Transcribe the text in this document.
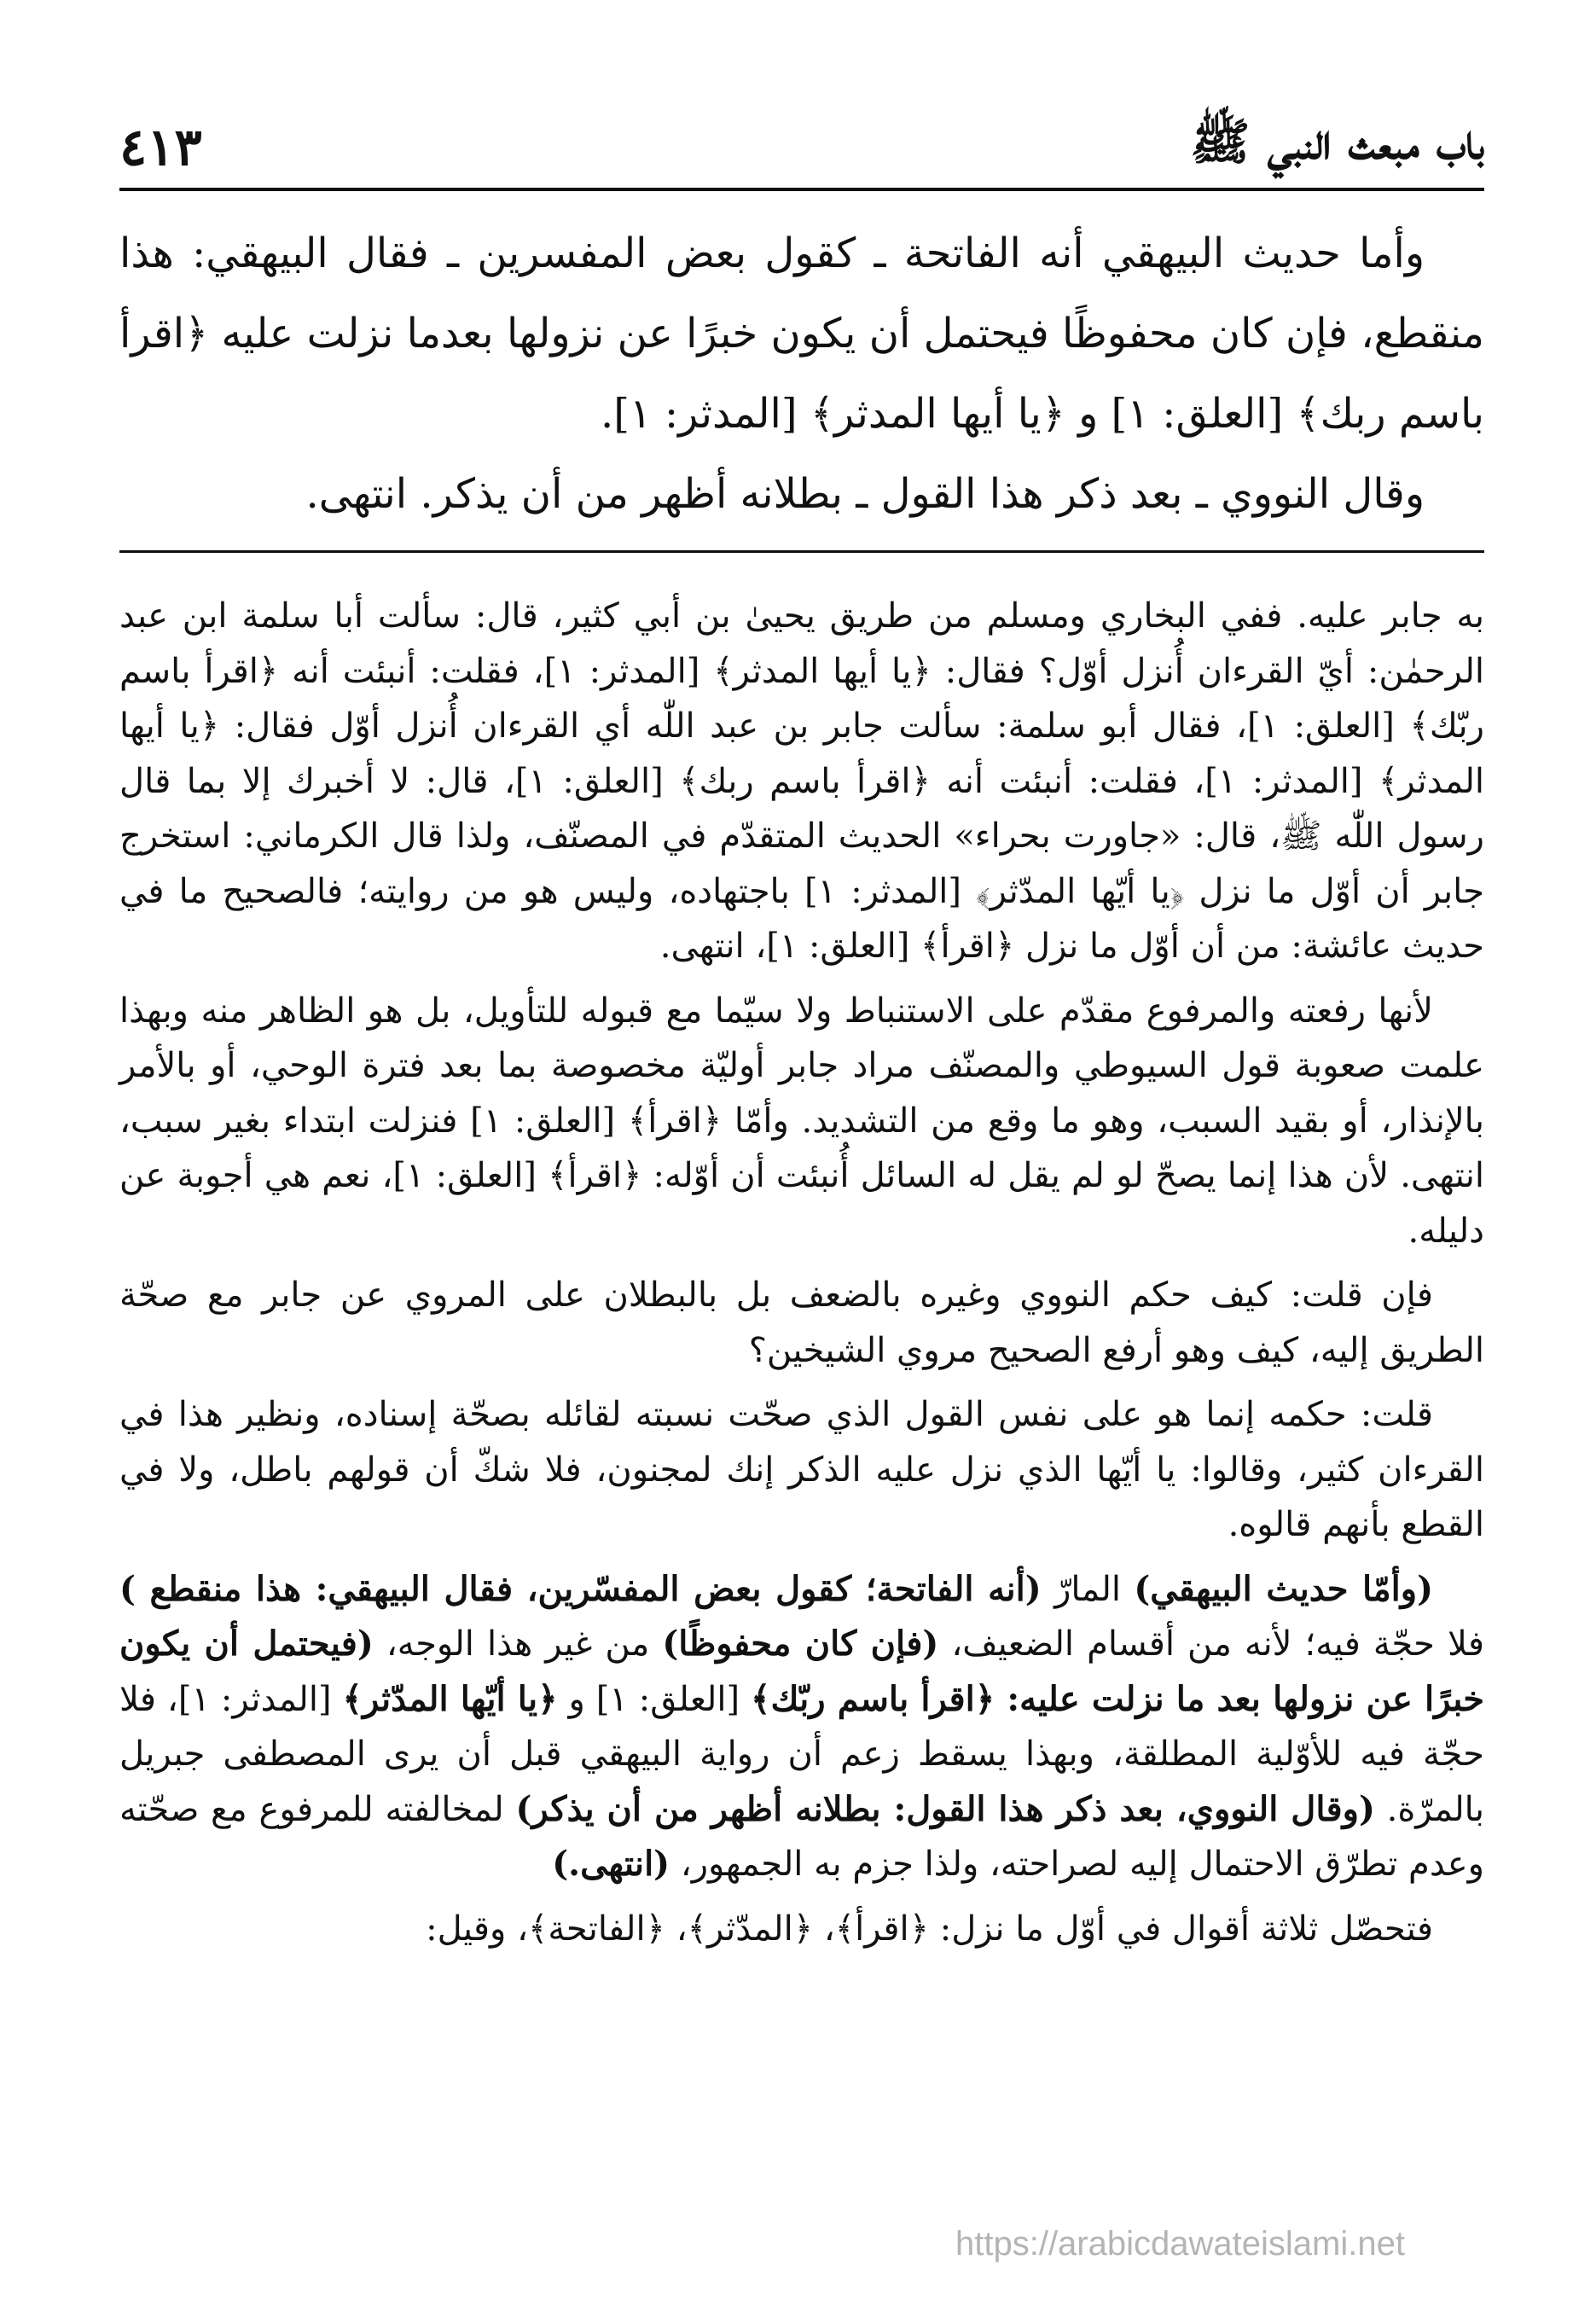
باب مبعث النبي ﷺ
٤١٣

وأما حديث البيهقي أنه الفاتحة ـ كقول بعض المفسرين ـ فقال البيهقي: هذا منقطع، فإن كان محفوظًا فيحتمل أن يكون خبرًا عن نزولها بعدما نزلت عليه ﴿اقرأ باسم ربك﴾ [العلق: ١] و ﴿يا أيها المدثر﴾ [المدثر: ١].

وقال النووي ـ بعد ذكر هذا القول ـ بطلانه أظهر من أن يذكر. انتهى.

به جابر عليه. ففي البخاري ومسلم من طريق يحيىٰ بن أبي كثير، قال: سألت أبا سلمة ابن عبد الرحمٰن: أيّ القرءان أُنزل أوّل؟ فقال: ﴿يا أيها المدثر﴾ [المدثر: ١]، فقلت: أنبئت أنه ﴿اقرأ باسم ربّك﴾ [العلق: ١]، فقال أبو سلمة: سألت جابر بن عبد اللّٰه أي القرءان أُنزل أوّل فقال: ﴿يا أيها المدثر﴾ [المدثر: ١]، فقلت: أنبئت أنه ﴿اقرأ باسم ربك﴾ [العلق: ١]، قال: لا أخبرك إلا بما قال رسول اللّٰه ﷺ، قال: «جاورت بحراء» الحديث المتقدّم في المصنّف، ولذا قال الكرماني: استخرج جابر أن أوّل ما نزل ﴿يا أيّها المدّثر﴾ [المدثر: ١] باجتهاده، وليس هو من روايته؛ فالصحيح ما في حديث عائشة: من أن أوّل ما نزل ﴿اقرأ﴾ [العلق: ١]، انتهى.

لأنها رفعته والمرفوع مقدّم على الاستنباط ولا سيّما مع قبوله للتأويل، بل هو الظاهر منه وبهذا علمت صعوبة قول السيوطي والمصنّف مراد جابر أوليّة مخصوصة بما بعد فترة الوحي، أو بالأمر بالإنذار، أو بقيد السبب، وهو ما وقع من التشديد. وأمّا ﴿اقرأ﴾ [العلق: ١] فنزلت ابتداء بغير سبب، انتهى. لأن هذا إنما يصحّ لو لم يقل له السائل أُنبئت أن أوّله: ﴿اقرأ﴾ [العلق: ١]، نعم هي أجوبة عن دليله.

فإن قلت: كيف حكم النووي وغيره بالضعف بل بالبطلان على المروي عن جابر مع صحّة الطريق إليه، كيف وهو أرفع الصحيح مروي الشيخين؟

قلت: حكمه إنما هو على نفس القول الذي صحّت نسبته لقائله بصحّة إسناده، ونظير هذا في القرءان كثير، وقالوا: يا أيّها الذي نزل عليه الذكر إنك لمجنون، فلا شكّ أن قولهم باطل، ولا في القطع بأنهم قالوه.

(وأمّا حديث البيهقي) المارّ (أنه الفاتحة؛ كقول بعض المفسّرين، فقال البيهقي: هذا منقطع ) فلا حجّة فيه؛ لأنه من أقسام الضعيف، (فإن كان محفوظًا) من غير هذا الوجه، (فيحتمل أن يكون خبرًا عن نزولها بعد ما نزلت عليه: ﴿اقرأ باسم ربّك﴾ [العلق: ١] و ﴿يا أيّها المدّثر﴾ [المدثر: ١]، فلا حجّة فيه للأوّلية المطلقة، وبهذا يسقط زعم أن رواية البيهقي قبل أن يرى المصطفى جبريل بالمرّة. (وقال النووي، بعد ذكر هذا القول: بطلانه أظهر من أن يذكر) لمخالفته للمرفوع مع صحّته وعدم تطرّق الاحتمال إليه لصراحته، ولذا جزم به الجمهور، (انتهى.)

فتحصّل ثلاثة أقوال في أوّل ما نزل: ﴿اقرأ﴾، ﴿المدّثر﴾، ﴿الفاتحة﴾، وقيل:

https://arabicdawateislami.net
